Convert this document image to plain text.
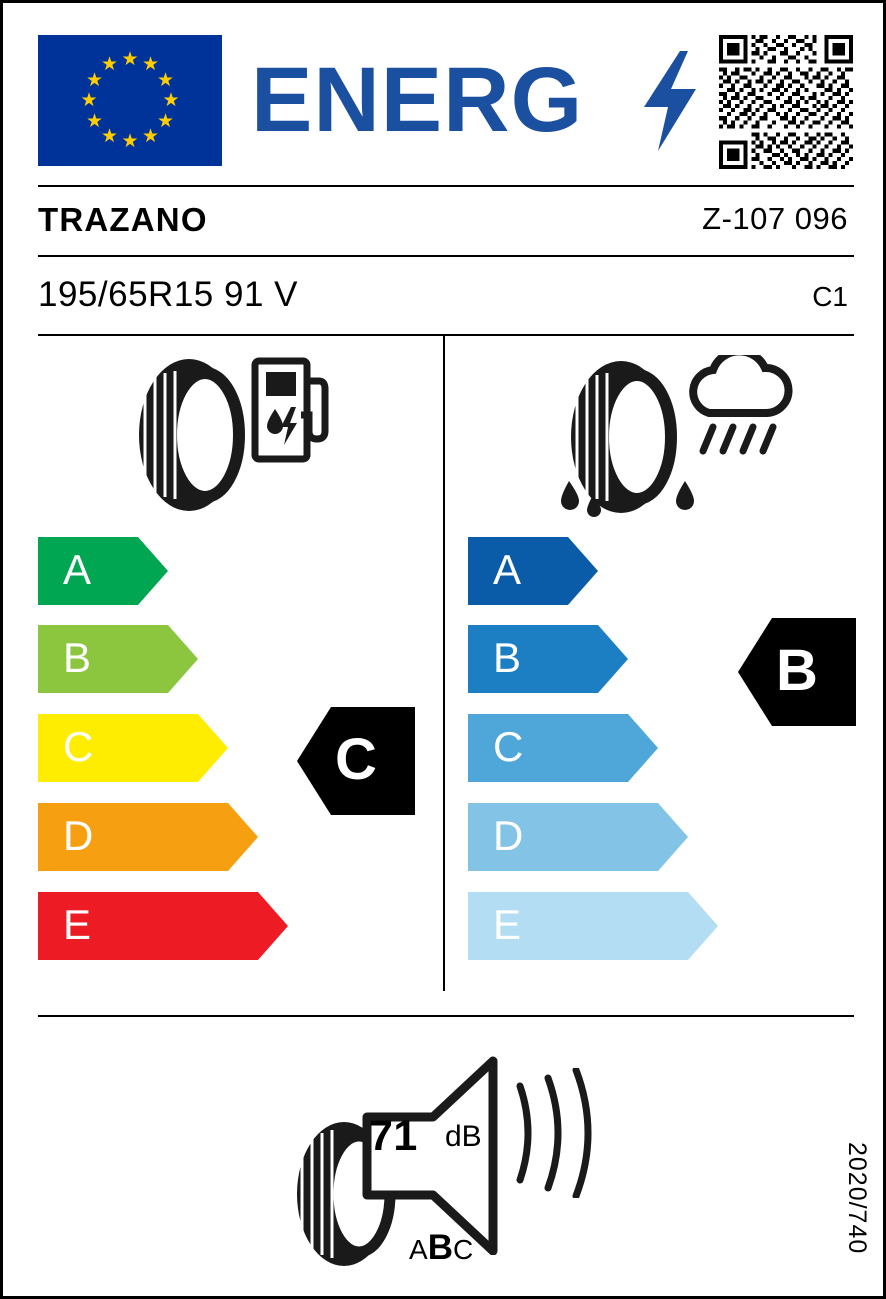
★ ★
★
★
★
★
★
★
★
★
★
★ ENERG
TRAZANO	Z-107 096
195/65R15 91 V	C1
A
B
C
D
E
C
A
B
C
D
E
B
71 dB
ABC	2020/740
